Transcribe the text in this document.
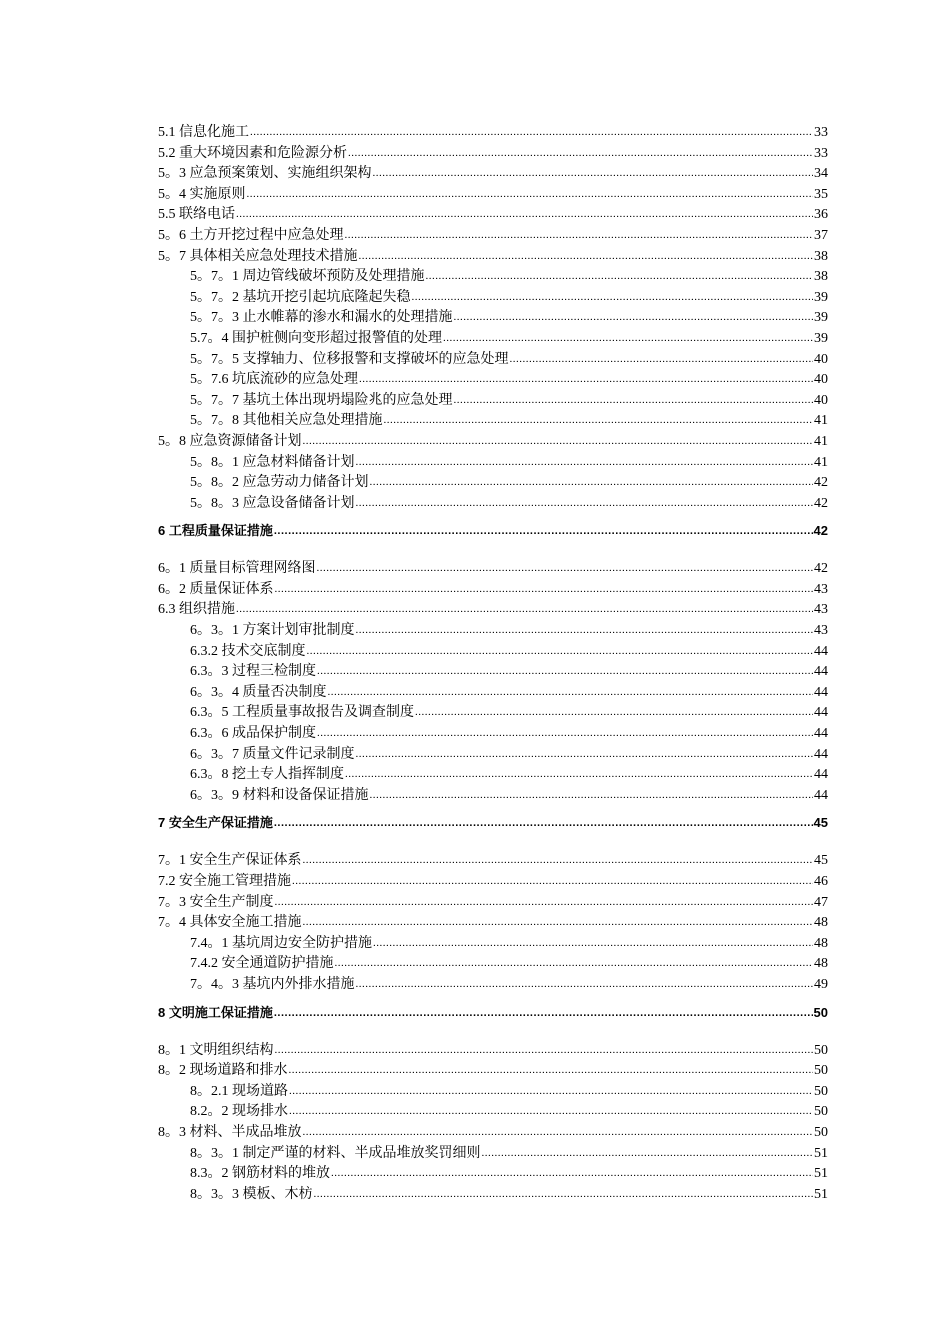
5.1 信息化施工 .....	33
5.2 重大环境因素和危险源分析 .....	33
5。3 应急预案策划、实施组织架构 .....	34
5。4 实施原则 .....	35
5.5 联络电话 .....	36
5。6 土方开挖过程中应急处理 .....	37
5。7 具体相关应急处理技术措施 .....	38
5。7。1 周边管线破坏预防及处理措施 .....	38
5。7。2 基坑开挖引起坑底隆起失稳 .....	39
5。7。3 止水帷幕的渗水和漏水的处理措施 .....	39
5.7。4 围护桩侧向变形超过报警值的处理 .....	39
5。7。5 支撑轴力、位移报警和支撑破坏的应急处理 .....	40
5。7.6 坑底流砂的应急处理 .....	40
5。7。7 基坑土体出现坍塌险兆的应急处理 .....	40
5。7。8 其他相关应急处理措施 .....	41
5。8 应急资源储备计划 .....	41
5。8。1 应急材料储备计划 .....	41
5。8。2 应急劳动力储备计划 .....	42
5。8。3 应急设备储备计划 .....	42
6 工程质量保证措施 .....	42
6。1 质量目标管理网络图 .....	42
6。2 质量保证体系 .....	43
6.3 组织措施 .....	43
6。3。1 方案计划审批制度 .....	43
6.3.2 技术交底制度 .....	44
6.3。3 过程三检制度 .....	44
6。3。4 质量否决制度 .....	44
6.3。5 工程质量事故报告及调查制度 .....	44
6.3。6 成品保护制度 .....	44
6。3。7 质量文件记录制度 .....	44
6.3。8 挖土专人指挥制度 .....	44
6。3。9 材料和设备保证措施 .....	44
7 安全生产保证措施 .....	45
7。1 安全生产保证体系 .....	45
7.2 安全施工管理措施 .....	46
7。3 安全生产制度 .....	47
7。4 具体安全施工措施 .....	48
7.4。1 基坑周边安全防护措施 .....	48
7.4.2 安全通道防护措施 .....	48
7。4。3 基坑内外排水措施 .....	49
8 文明施工保证措施 .....	50
8。1 文明组织结构 .....	50
8。2 现场道路和排水 .....	50
8。2.1 现场道路 .....	50
8.2。2 现场排水 .....	50
8。3 材料、半成品堆放 .....	50
8。3。1 制定严谨的材料、半成品堆放奖罚细则 .....	51
8.3。2 钢筋材料的堆放 .....	51
8。3。3 模板、木枋 .....	51
